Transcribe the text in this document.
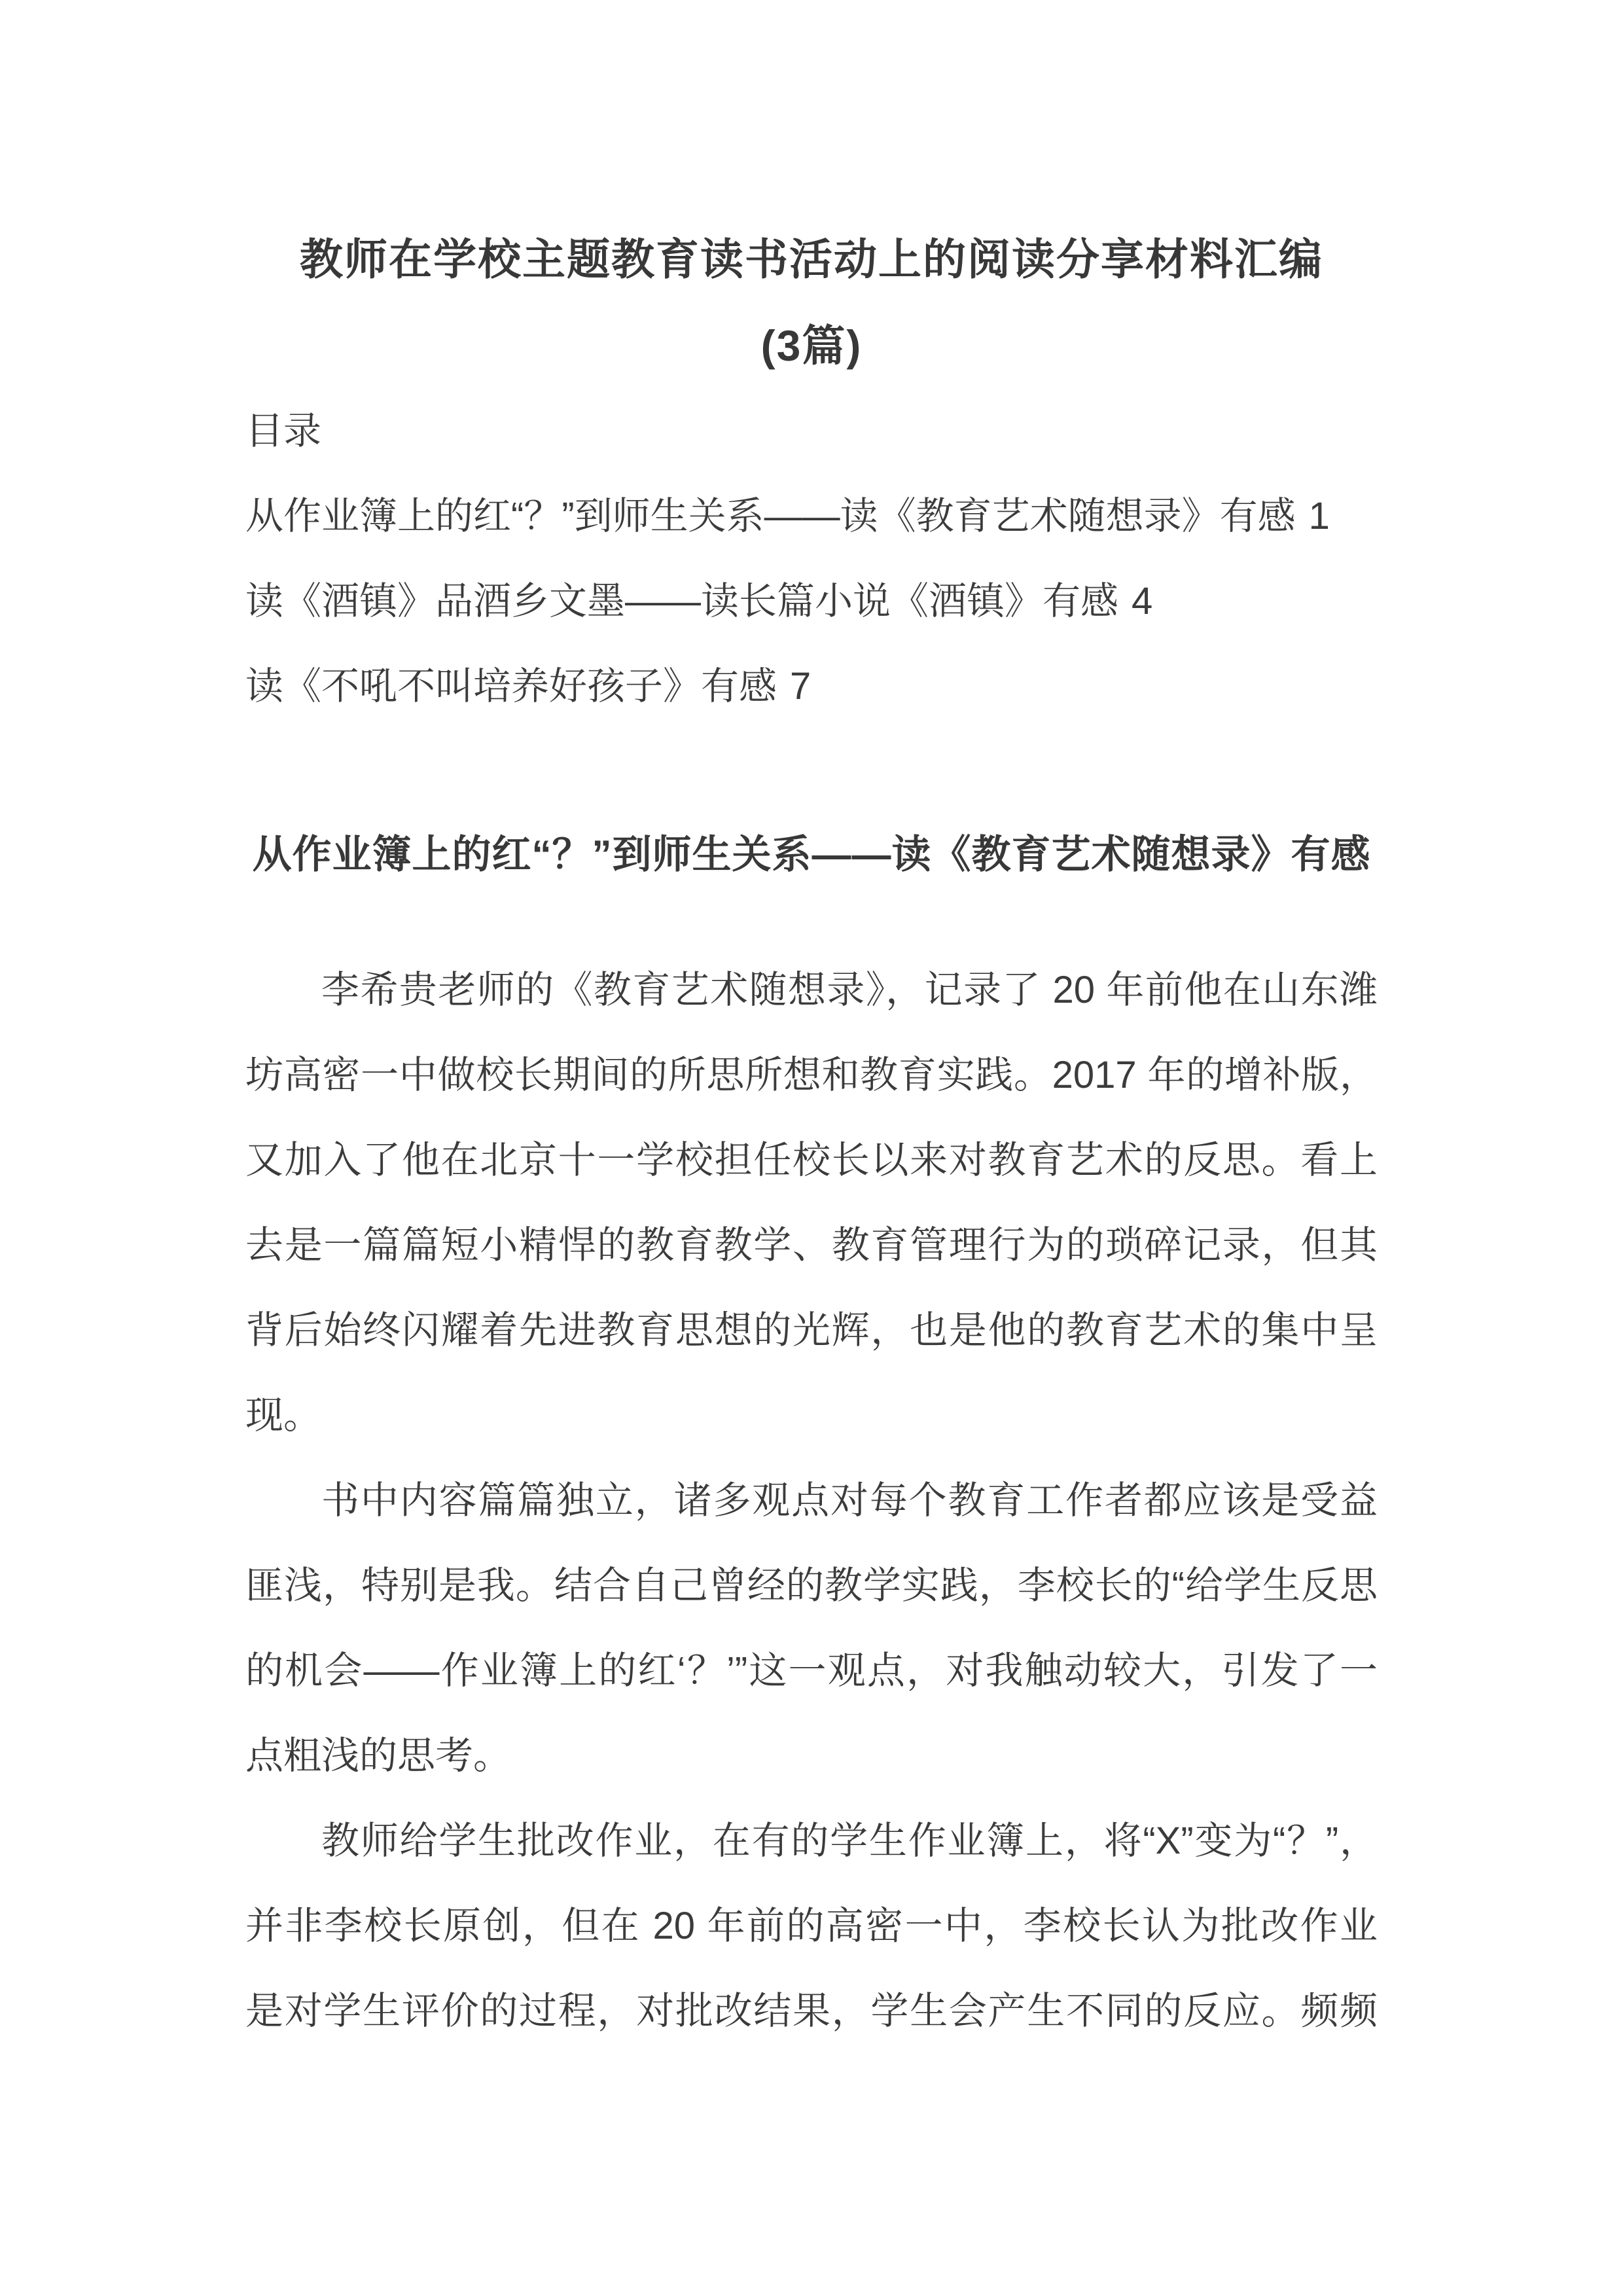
教师在学校主题教育读书活动上的阅读分享材料汇编
(3篇)
目录
从作业簿上的红“？”到师生关系——读《教育艺术随想录》有感 1
读《酒镇》品酒乡文墨——读长篇小说《酒镇》有感 4
读《不吼不叫培养好孩子》有感 7
从作业簿上的红“？”到师生关系——读《教育艺术随想录》有感
李希贵老师的《教育艺术随想录》，记录了 20 年前他在山东潍
坊高密一中做校长期间的所思所想和教育实践。2017 年的增补版，
又加入了他在北京十一学校担任校长以来对教育艺术的反思。看上
去是一篇篇短小精悍的教育教学、教育管理行为的琐碎记录，但其
背后始终闪耀着先进教育思想的光辉，也是他的教育艺术的集中呈
现。
书中内容篇篇独立，诸多观点对每个教育工作者都应该是受益
匪浅，特别是我。结合自己曾经的教学实践，李校长的“给学生反思
的机会——作业簿上的红‘？’”这一观点，对我触动较大，引发了一
点粗浅的思考。
教师给学生批改作业，在有的学生作业簿上，将“X”变为“？”，
并非李校长原创，但在 20 年前的高密一中，李校长认为批改作业
是对学生评价的过程，对批改结果，学生会产生不同的反应。频频
